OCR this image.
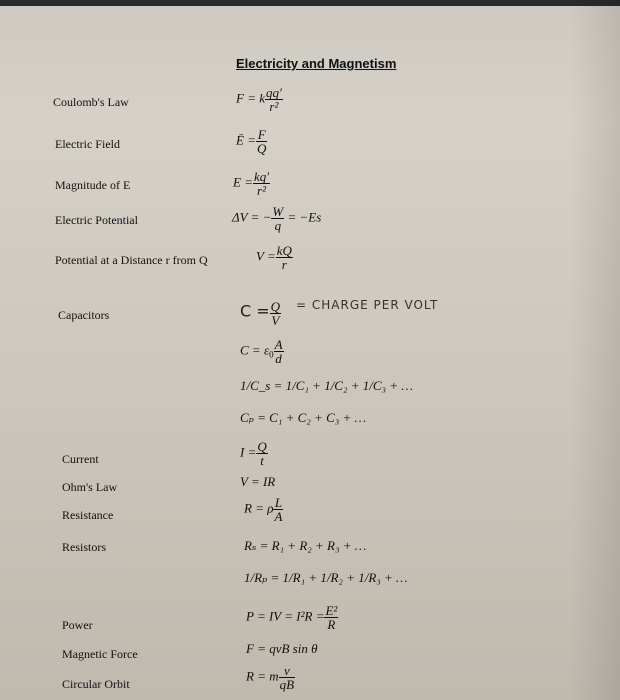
Electricity and Magnetism
Coulomb's Law
Electric Field
Magnitude of E
Electric Potential
Potential at a Distance r from Q
Capacitors
Current
Ohm's Law
Resistance
Resistors
Power
Magnetic Force
Circular Orbit
F = k $\frac{qq'}{\text{r²}}$
Ē = $\frac{F}{Q}$
$E = \frac{kq'}{\text{r²}}$
ΔV = − $\frac{W}{q} = -Es$
$V = \frac{kQ}{r}$
$C = \frac{Q}{V}$ = CHARGE PER VOLT
$C = \varepsilon_0 \frac{A}{d}$
1/C_s = 1/C₁ + 1/C₂ + 1/C₃ + …
Cₚ = C₁ + C₂ + C₃ + …
$I = \frac{Q}{t}$
V = IR
R = ρ $\frac{L}{A}$
Rₛ = R₁ + R₂ + R₃ + …
1/Rₚ = 1/R₁ + 1/R₂ + 1/R₃ + …
P = IV = $I^2R = \frac{\text{E²}}{R}$
F = qvB sin θ
R = m $\frac{v}{qB}$
